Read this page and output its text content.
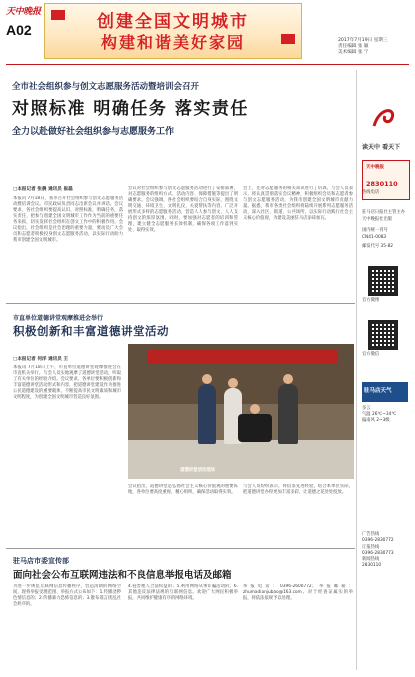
天中晚报
A02	创建全国文明城市
构建和谐美好家园	2017年7月19日 星期三
责任编辑 张 颖
美术编辑 张 宁
全市社会组织参与创文志愿服务活动暨培训会召开
对照标准 明确任务 落实责任
全力以赴做好社会组织参与志愿服务工作
□本报记者 张晨 通讯员 崔磊
本报讯 7月18日，我市召开社会组织参与创文志愿服务活动暨培训会议。市民政局负责同志出席会议并讲话。会议要求，各社会组织要提高认识，对照标准，明确任务，落实责任，把参与创建全国文明城市工作作为当前的重要任务来抓，切实发挥社会组织在创文工作中的积极作用。会议指出，社会组织是社会治理的重要力量，要动员广大会员和志愿者积极投身创文志愿服务活动，以实际行动助力我市创建全国文明城市。
会议对社会组织参与创文志愿服务活动进行了安排部署，对志愿服务的组织方式、活动内容、保障措施等提出了明确要求。会议强调，各社会组织要结合自身实际，围绕文明交通、环境卫生、文明礼仪、关爱帮扶等内容，广泛开展形式多样的志愿服务活动，营造人人参与创文、人人支持创文的浓厚氛围。同时，要加强对志愿者的培训和管理，建立健全志愿服务长效机制，确保各项工作落到实处、取得实效。
会上，还对志愿服务的相关知识进行了培训。与会人员表示，将认真贯彻落实会议精神，积极组织会员和志愿者参与创文志愿服务活动，为我市创建全国文明城市贡献力量。据悉，我市各类社会组织将陆续开展系列志愿服务活动，深入社区、街道、公共场所，以实际行动践行社会主义核心价值观，为建设美丽驻马店添砖加瓦。
读天中 看天下
天中晚报
2830110
热线电话
驻马店日报社主管主办
天中晚报社出版
国内统一刊号
CN41-0083
邮发代号 35-82
官方微博
官方微信
驻马店天气
多云
气温 26℃~34℃
偏南风 2~3级
市直单位道德讲堂观摩推进会举行
积极创新和丰富道德讲堂活动
□本报记者 何洋 通讯员 王
本报讯 7月18日上午，市直单位道德讲堂观摩推进会在市直机关举行。与会人员实地观摩了道德讲堂活动，听取了有关单位的经验介绍。会议要求，各单位要积极创新和丰富道德讲堂活动形式和内容，把道德讲堂建设作为推进公民道德建设的重要载体，不断提高市民文明素质和城市文明程度，为创建全国文明城市营造良好氛围。
道德讲堂活动现场
会议指出，道德讲堂是弘扬社会主义核心价值观的重要阵地，各单位要高度重视，精心组织，确保活动取得实效。
与会人员纷纷表示，将借鉴先进经验，结合本单位实际，把道德讲堂办得更加丰富多彩，让道德之花处处绽放。
驻马店市委宣传部
面向社会公布互联网违法和不良信息举报电话及邮箱
为进一步规范互联网信息传播秩序，营造清朗的网络空间，现将举报受理范围、举报方式公布如下：1.传播淫秽色情信息的；2.传播暴力恐怖信息的；3.散布谣言扰乱社会秩序的。
4.侵害他人合法权益的；5.利用网络从事诈骗活动的；6.其他违反法律法规的互联网信息。欢迎广大网民积极举报，共同维护健康有序的网络环境。
举报电话：0396-2600772；举报邮箱：zhumadianjubao@163.com。对于经查证属实的举报，将依法依规予以处理。
广告热线
0396-2830772
订报热线
0396-2830773
新闻热线
2830110
